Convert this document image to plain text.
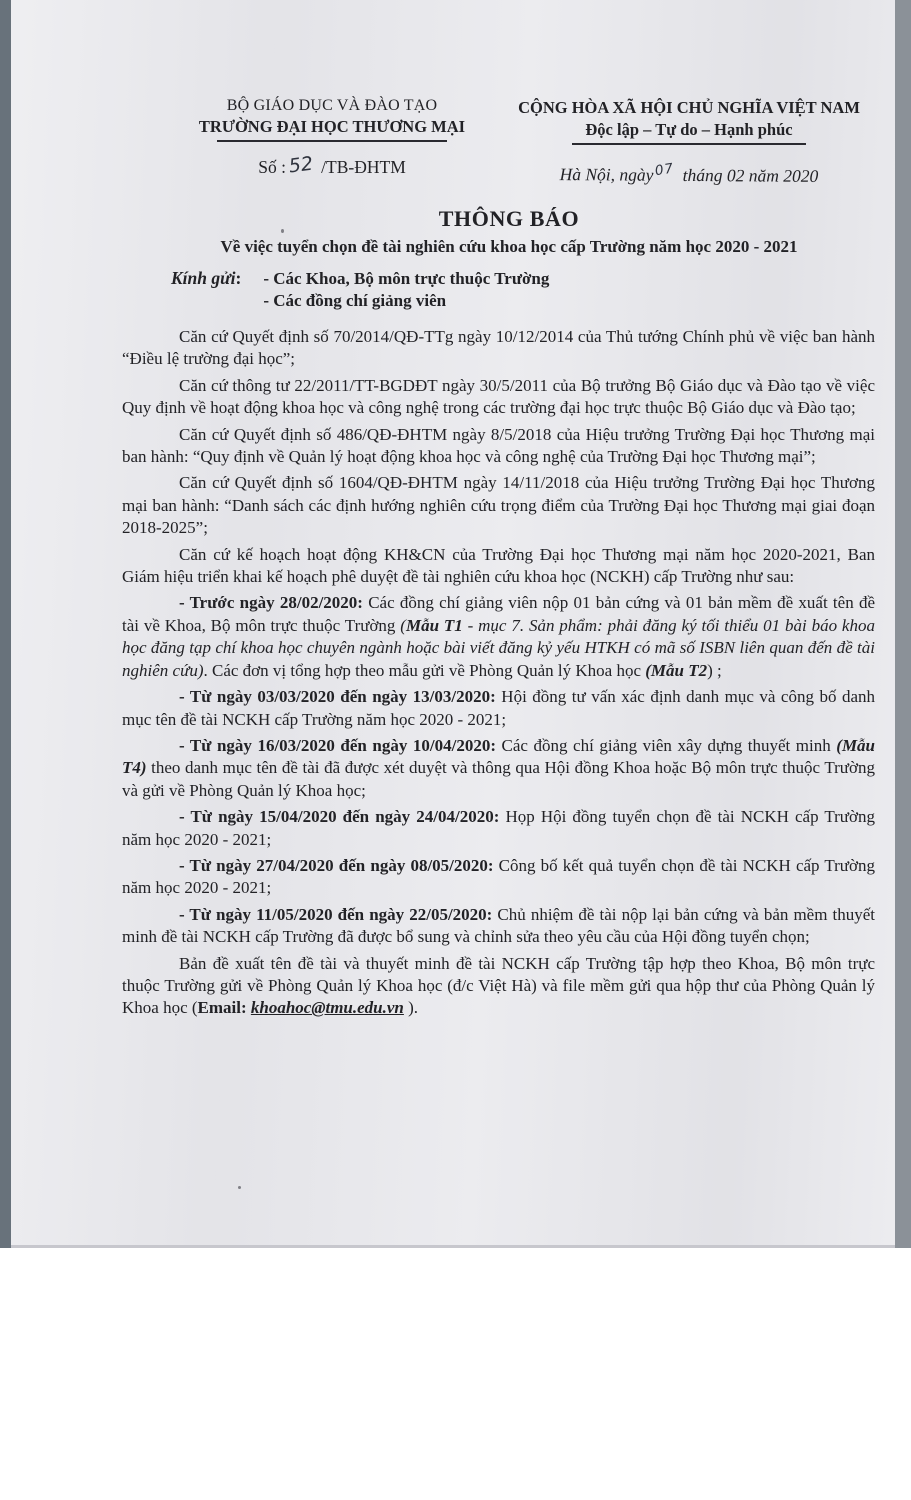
BỘ GIÁO DỤC VÀ ĐÀO TẠO
TRƯỜNG ĐẠI HỌC THƯƠNG MẠI
Số :52 /TB-ĐHTM
CỘNG HÒA XÃ HỘI CHỦ NGHĨA VIỆT NAM
Độc lập – Tự do – Hạnh phúc
Hà Nội, ngày07 tháng 02 năm 2020
THÔNG BÁO
Về việc tuyển chọn đề tài nghiên cứu khoa học cấp Trường năm học 2020 - 2021
Kính gửi : - Các Khoa, Bộ môn trực thuộc Trường
- Các đồng chí giảng viên

Căn cứ Quyết định số 70/2014/QĐ-TTg ngày 10/12/2014 của Thủ tướng Chính phủ về việc ban hành “Điều lệ trường đại học”;

Căn cứ thông tư 22/2011/TT-BGDĐT ngày 30/5/2011 của Bộ trưởng Bộ Giáo dục và Đào tạo về việc Quy định về hoạt động khoa học và công nghệ trong các trường đại học trực thuộc Bộ Giáo dục và Đào tạo;

Căn cứ Quyết định số 486/QĐ-ĐHTM ngày 8/5/2018 của Hiệu trưởng Trường Đại học Thương mại ban hành: “Quy định về Quản lý hoạt động khoa học và công nghệ của Trường Đại học Thương mại”;

Căn cứ Quyết định số 1604/QĐ-ĐHTM ngày 14/11/2018 của Hiệu trưởng Trường Đại học Thương mại ban hành: “Danh sách các định hướng nghiên cứu trọng điểm của Trường Đại học Thương mại giai đoạn 2018-2025”;

Căn cứ kế hoạch hoạt động KH&CN của Trường Đại học Thương mại năm học 2020-2021, Ban Giám hiệu triển khai kế hoạch phê duyệt đề tài nghiên cứu khoa học (NCKH) cấp Trường như sau:

- Trước ngày 28/02/2020: Các đồng chí giảng viên nộp 01 bản cứng và 01 bản mềm đề xuất tên đề tài về Khoa, Bộ môn trực thuộc Trường (Mẫu T1 - mục 7. Sản phẩm: phải đăng ký tối thiểu 01 bài báo khoa học đăng tạp chí khoa học chuyên ngành hoặc bài viết đăng kỷ yếu HTKH có mã số ISBN liên quan đến đề tài nghiên cứu). Các đơn vị tổng hợp theo mẫu gửi về Phòng Quản lý Khoa học (Mẫu T2) ;

- Từ ngày 03/03/2020 đến ngày 13/03/2020: Hội đồng tư vấn xác định danh mục và công bố danh mục tên đề tài NCKH cấp Trường năm học 2020 - 2021;

- Từ ngày 16/03/2020 đến ngày 10/04/2020: Các đồng chí giảng viên xây dựng thuyết minh (Mẫu T4) theo danh mục tên đề tài đã được xét duyệt và thông qua Hội đồng Khoa hoặc Bộ môn trực thuộc Trường và gửi về Phòng Quản lý Khoa học;

- Từ ngày 15/04/2020 đến ngày 24/04/2020: Họp Hội đồng tuyển chọn đề tài NCKH cấp Trường năm học 2020 - 2021;

- Từ ngày 27/04/2020 đến ngày 08/05/2020: Công bố kết quả tuyển chọn đề tài NCKH cấp Trường năm học 2020 - 2021;

- Từ ngày 11/05/2020 đến ngày 22/05/2020: Chủ nhiệm đề tài nộp lại bản cứng và bản mềm thuyết minh đề tài NCKH cấp Trường đã được bổ sung và chỉnh sửa theo yêu cầu của Hội đồng tuyển chọn;

Bản đề xuất tên đề tài và thuyết minh đề tài NCKH cấp Trường tập hợp theo Khoa, Bộ môn trực thuộc Trường gửi về Phòng Quản lý Khoa học (đ/c Việt Hà) và file mềm gửi qua hộp thư của Phòng Quản lý Khoa học (Email: khoahoc@tmu.edu.vn ).
